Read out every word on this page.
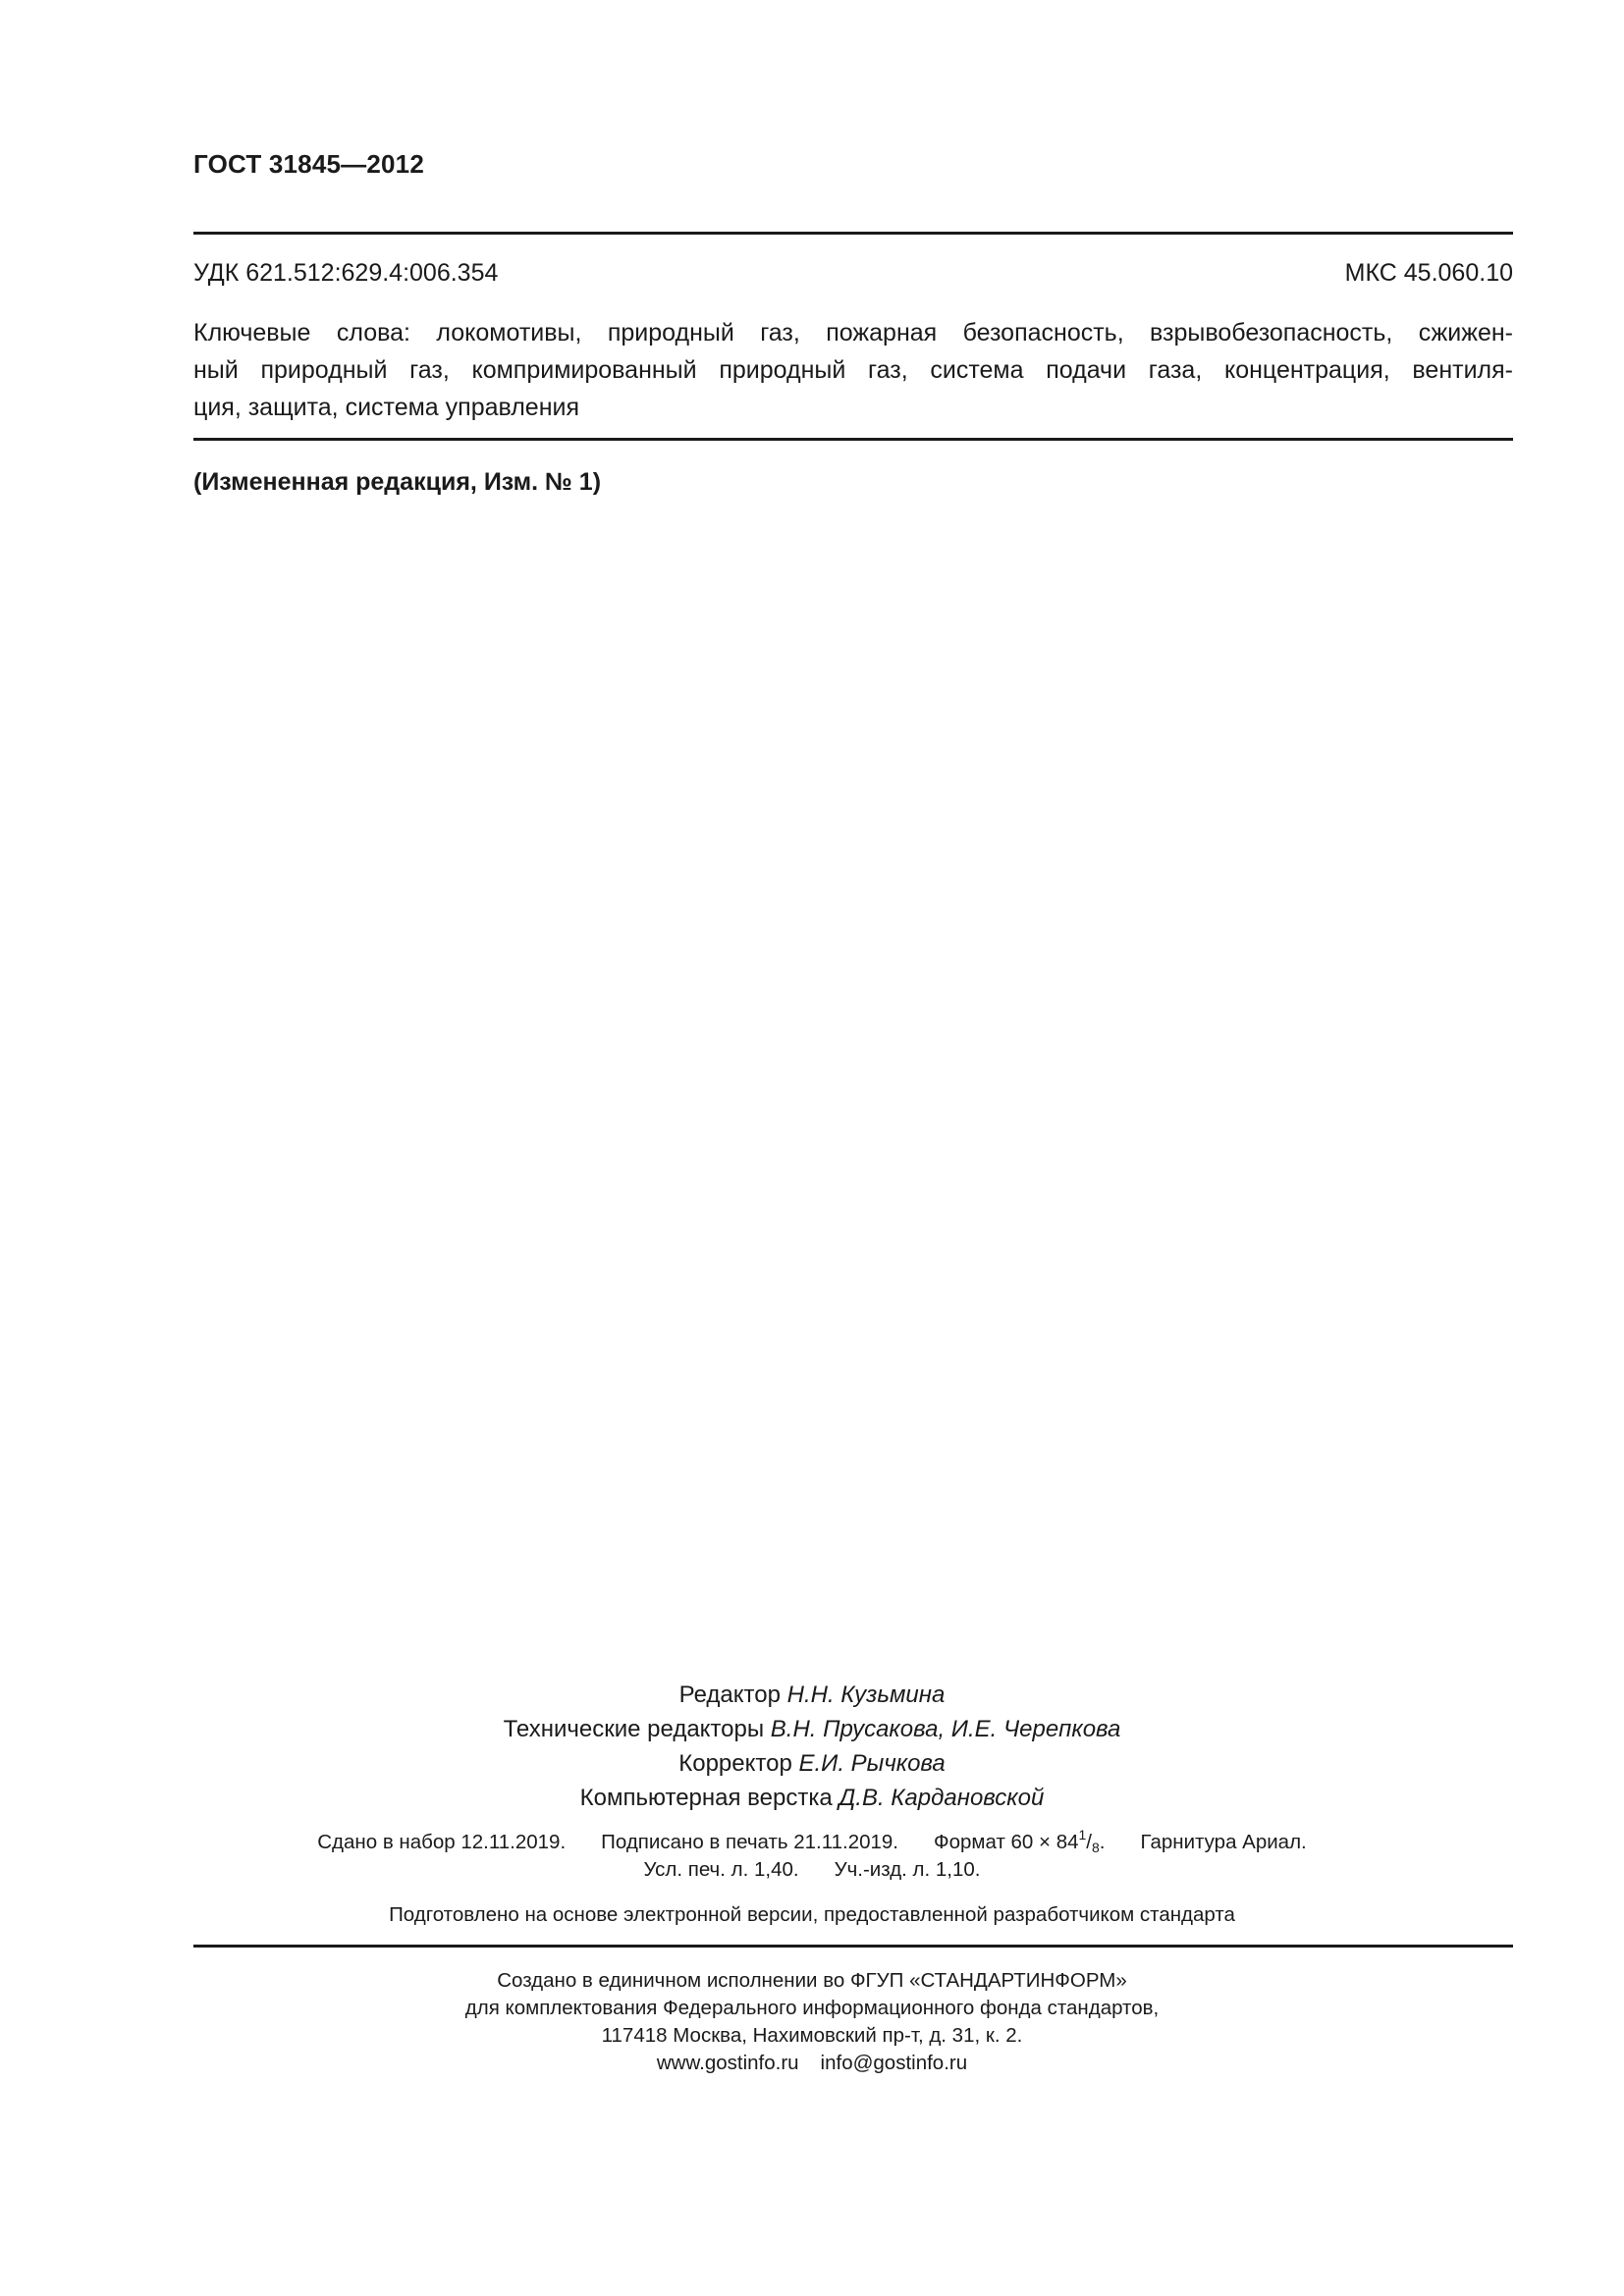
ГОСТ 31845—2012
УДК 621.512:629.4:006.354	МКС 45.060.10
Ключевые слова: локомотивы, природный газ, пожарная безопасность, взрывобезопасность, сжижен-
ный природный газ, компримированный природный газ, система подачи газа, концентрация, вентиля-
ция, защита, система управления
(Измененная редакция, Изм. № 1)
Редактор Н.Н. Кузьмина
Технические редакторы В.Н. Прусакова, И.Е. Черепкова
Корректор Е.И. Рычкова
Компьютерная верстка Д.В. Кардановской
Сдано в набор 12.11.2019. Подписано в печать 21.11.2019. Формат $60 \times 84^1/_8$. Гарнитура Ариал.
Усл. печ. л. 1,40. Уч.-изд. л. 1,10.
Подготовлено на основе электронной версии, предоставленной разработчиком стандарта
Создано в единичном исполнении во ФГУП «СТАНДАРТИНФОРМ»
для комплектования Федерального информационного фонда стандартов,
117418 Москва, Нахимовский пр-т, д. 31, к. 2.
www.gostinfo.ru info@gostinfo.ru
